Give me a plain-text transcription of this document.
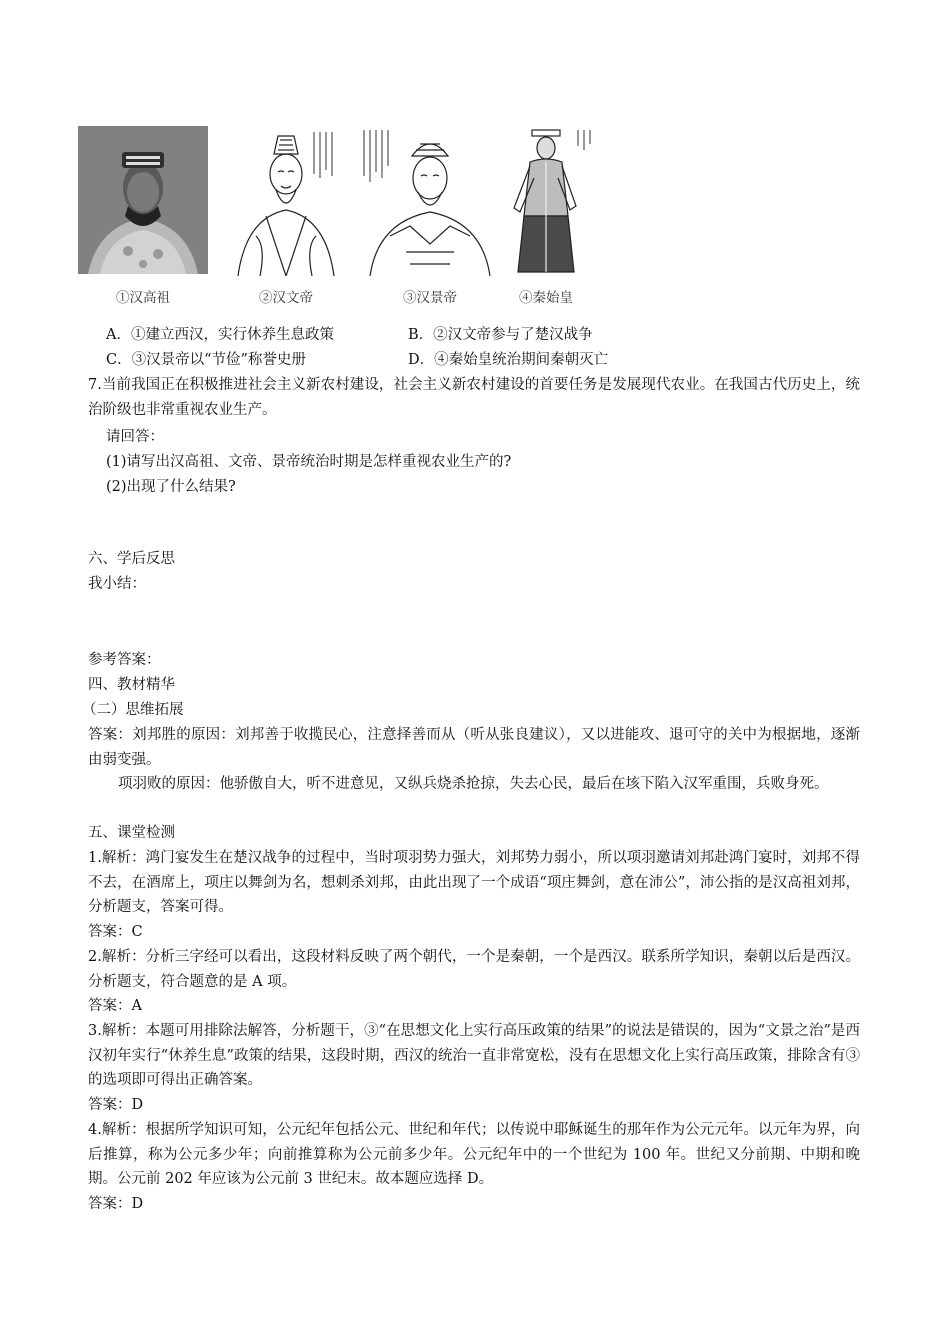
①汉高祖	②汉文帝	③汉景帝	④秦始皇
A．①建立西汉，实行休养生息政策	B．②汉文帝参与了楚汉战争
C．③汉景帝以“节俭”称誉史册	D．④秦始皇统治期间秦朝灭亡
7.当前我国正在积极推进社会主义新农村建设，社会主义新农村建设的首要任务是发展现代农业。在我国古代历史上，统治阶级也非常重视农业生产。
请回答：
(1)请写出汉高祖、文帝、景帝统治时期是怎样重视农业生产的?
(2)出现了什么结果?
六、学后反思
我小结：
参考答案：
四、教材精华
（二）思维拓展
答案：刘邦胜的原因：刘邦善于收揽民心，注意择善而从（听从张良建议），又以进能攻、退可守的关中为根据地，逐渐由弱变强。
项羽败的原因：他骄傲自大，听不进意见，又纵兵烧杀抢掠，失去心民，最后在垓下陷入汉军重围，兵败身死。
五、课堂检测
1.解析：鸿门宴发生在楚汉战争的过程中，当时项羽势力强大，刘邦势力弱小，所以项羽邀请刘邦赴鸿门宴时，刘邦不得不去，在酒席上，项庄以舞剑为名，想刺杀刘邦，由此出现了一个成语“项庄舞剑，意在沛公”，沛公指的是汉高祖刘邦，分析题支，答案可得。
答案：C
2.解析：分析三字经可以看出，这段材料反映了两个朝代，一个是秦朝，一个是西汉。联系所学知识，秦朝以后是西汉。分析题支，符合题意的是 A 项。
答案：A
3.解析：本题可用排除法解答，分析题干，③“在思想文化上实行高压政策的结果”的说法是错误的，因为“文景之治”是西汉初年实行“休养生息”政策的结果，这段时期，西汉的统治一直非常宽松，没有在思想文化上实行高压政策，排除含有③的选项即可得出正确答案。
答案：D
4.解析：根据所学知识可知，公元纪年包括公元、世纪和年代；以传说中耶稣诞生的那年作为公元元年。以元年为界，向后推算，称为公元多少年；向前推算称为公元前多少年。公元纪年中的一个世纪为 100 年。世纪又分前期、中期和晚期。公元前 202 年应该为公元前 3 世纪末。故本题应选择 D。
答案：D
